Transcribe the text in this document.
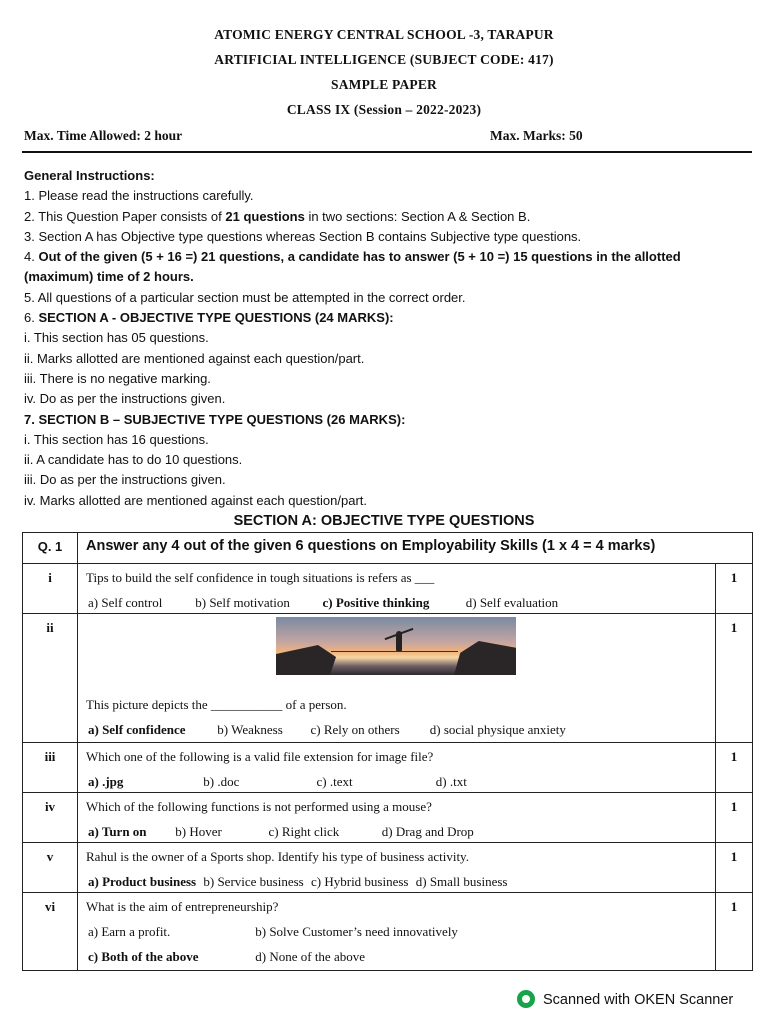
ATOMIC ENERGY CENTRAL SCHOOL -3, TARAPUR
ARTIFICIAL INTELLIGENCE (SUBJECT CODE: 417)
SAMPLE PAPER
CLASS IX (Session – 2022-2023)
Max. Time Allowed: 2 hour	Max. Marks: 50
General Instructions:
1. Please read the instructions carefully.
2. This Question Paper consists of 21 questions in two sections: Section A & Section B.
3. Section A has Objective type questions whereas Section B contains Subjective type questions.
4. Out of the given (5 + 16 =) 21 questions, a candidate has to answer (5 + 10 =) 15 questions in the allotted
(maximum) time of 2 hours.
5. All questions of a particular section must be attempted in the correct order.
6. SECTION A - OBJECTIVE TYPE QUESTIONS (24 MARKS):
i. This section has 05 questions.
ii. Marks allotted are mentioned against each question/part.
iii. There is no negative marking.
iv. Do as per the instructions given.
7. SECTION B – SUBJECTIVE TYPE QUESTIONS (26 MARKS):
i. This section has 16 questions.
ii. A candidate has to do 10 questions.
iii. Do as per the instructions given.
iv. Marks allotted are mentioned against each question/part.
SECTION A: OBJECTIVE TYPE QUESTIONS
Q. 1	Answer any 4 out of the given 6 questions on Employability Skills (1 x 4 = 4 marks)	
i	Tips to build the self confidence in tough situations is refers as ___
a) Self control b) Self motivation c) Positive thinking d) Self evaluation	1
ii	This picture depicts the ___________ of a person.
a) Self confidence b) Weakness c) Rely on others d) social physique anxiety	1
iii	Which one of the following is a valid file extension for image file?
a) .jpg b) .doc c) .text d) .txt	1
iv	Which of the following functions is not performed using a mouse?
a) Turn on b) Hover c) Right click d) Drag and Drop	1
v	Rahul is the owner of a Sports shop. Identify his type of business activity.
a) Product business b) Service business c) Hybrid business d) Small business	1
vi	What is the aim of entrepreneurship?
a) Earn a profit. b) Solve Customer’s need innovatively
c) Both of the above d) None of the above	1
Scanned with OKEN Scanner
